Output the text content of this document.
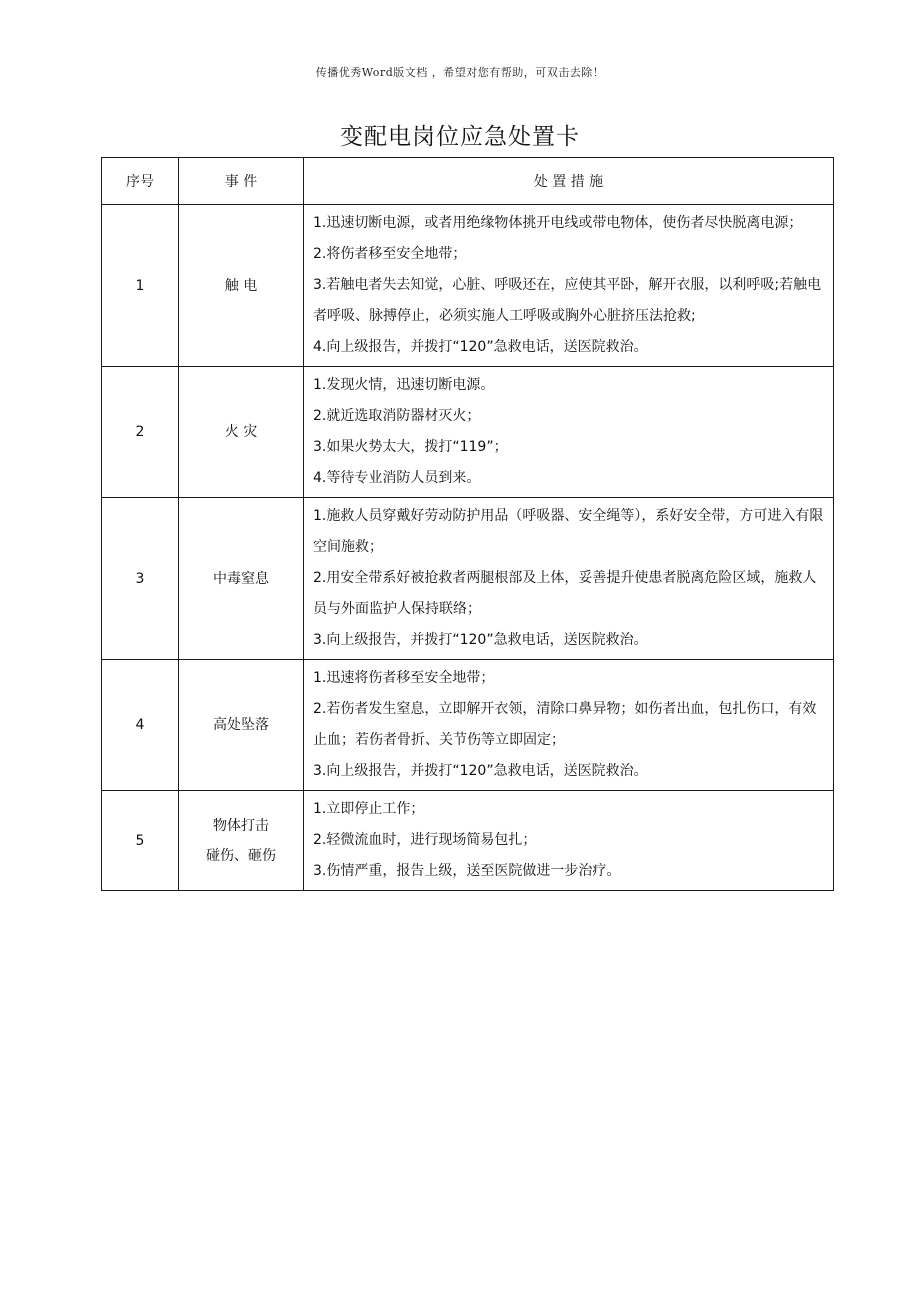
传播优秀Word版文档 ，希望对您有帮助，可双击去除！
变配电岗位应急处置卡
序号	事 件	处 置 措 施
1	触 电	1.迅速切断电源，或者用绝缘物体挑开电线或带电物体，使伤者尽快脱离电源；
2.将伤者移至安全地带；
3.若触电者失去知觉，心脏、呼吸还在，应使其平卧，解开衣服，以利呼吸;若触电者呼吸、脉搏停止，必须实施人工呼吸或胸外心脏挤压法抢救;
4.向上级报告，并拨打“120”急救电话，送医院救治。

2	火 灾	1.发现火情，迅速切断电源。
2.就近选取消防器材灭火；
3.如果火势太大，拨打“119”；
4.等待专业消防人员到来。

3	中毒窒息	1.施救人员穿戴好劳动防护用品（呼吸器、安全绳等），系好安全带，方可进入有限空间施救；
2.用安全带系好被抢救者两腿根部及上体，妥善提升使患者脱离危险区域，施救人员与外面监护人保持联络；
3.向上级报告，并拨打“120”急救电话，送医院救治。

4	高处坠落	1.迅速将伤者移至安全地带；
2.若伤者发生窒息，立即解开衣领，清除口鼻异物；如伤者出血，包扎伤口，有效止血；若伤者骨折、关节伤等立即固定；
3.向上级报告，并拨打“120”急救电话，送医院救治。

5	物体打击
碰伤、砸伤	1.立即停止工作；
2.轻微流血时，进行现场简易包扎；
3.伤情严重，报告上级，送至医院做进一步治疗。
